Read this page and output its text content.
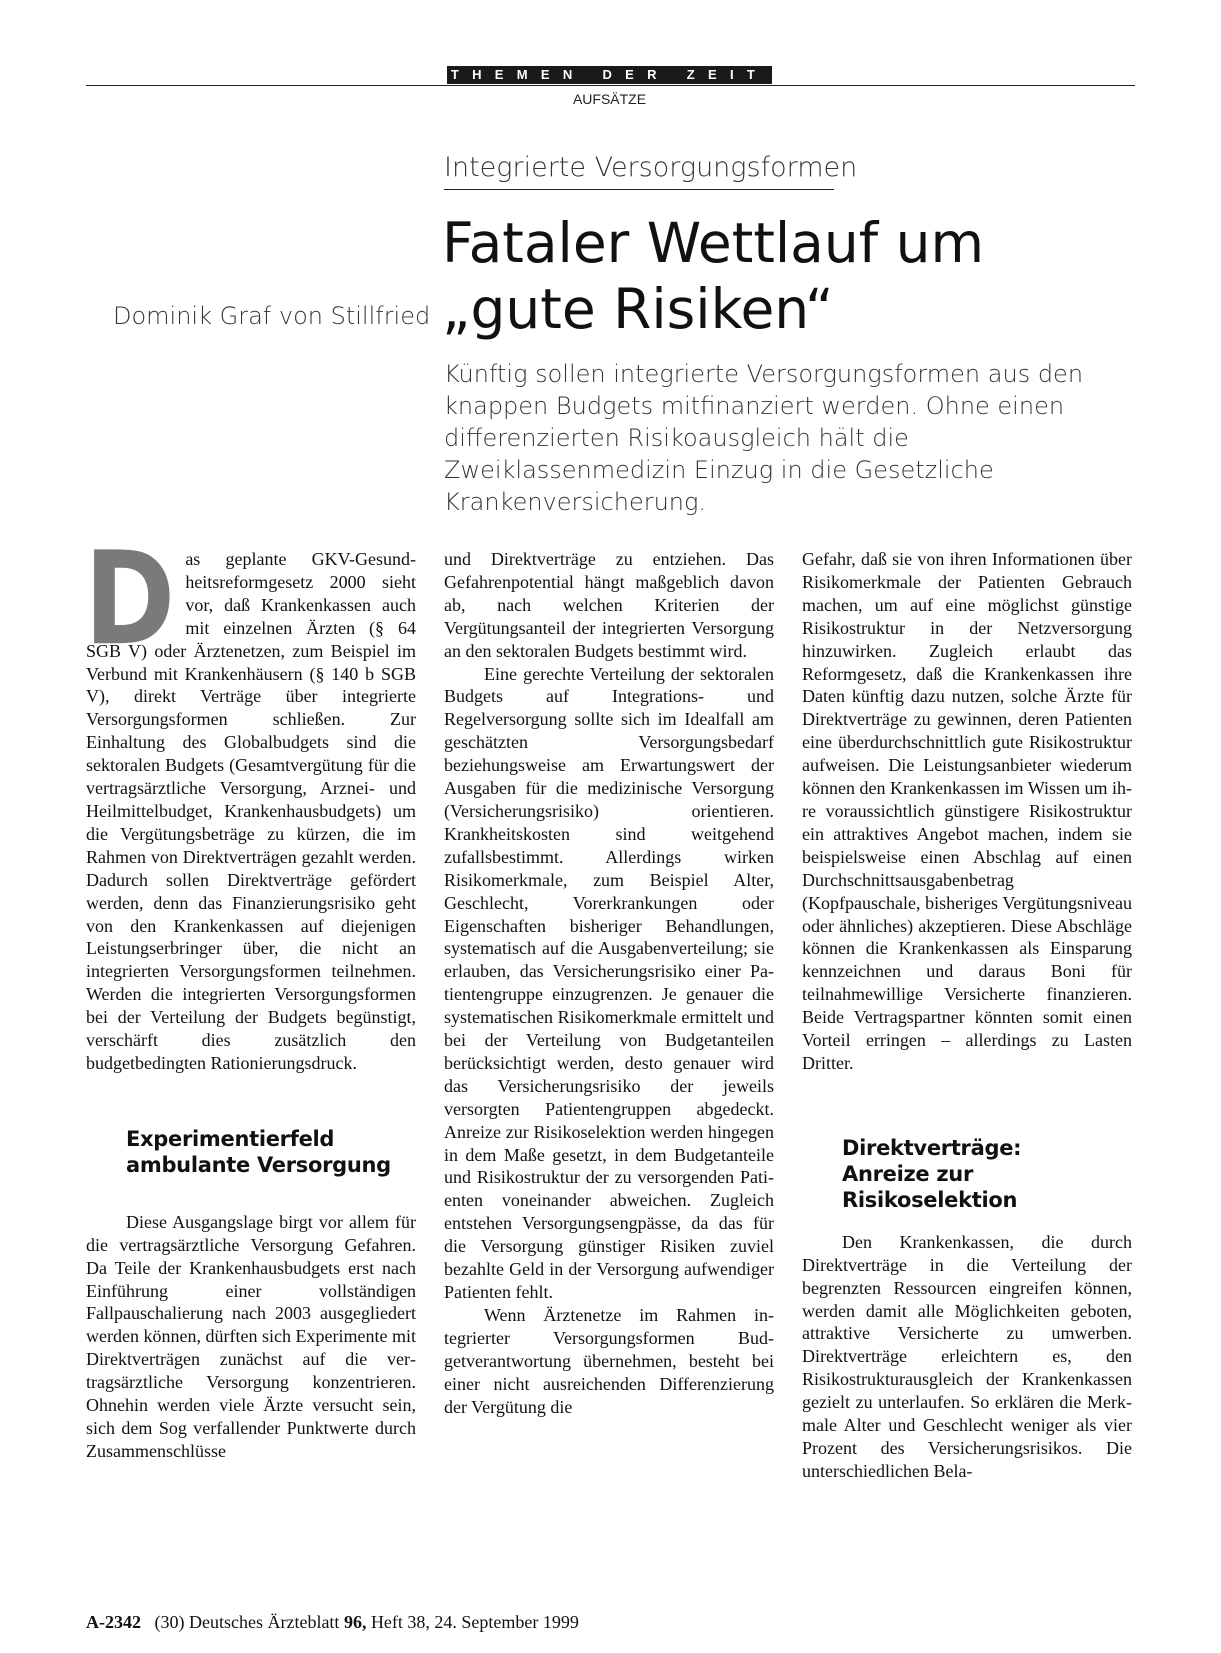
THEMEN DER ZEIT
AUFSÄTZE
Integrierte Versorgungsformen
Dominik Graf von Stillfried
Fataler Wettlauf um
„gute Risiken“
Künftig sollen integrierte Versorgungsformen aus den knappen Budgets mitfinanziert werden. Ohne einen differenzierten Risikoausgleich hält die Zweiklassenmedizin Einzug in die Gesetzliche Krankenversicherung.
D as geplante GKV-Gesundheitsreformgesetz 2000 sieht vor, daß Krankenkassen auch mit einzelnen Ärzten (§ 64 SGB V) oder Ärztenetzen, zum Beispiel im Verbund mit Krankenhäusern (§ 140 b SGB V), direkt Verträge über integrierte Versorgungsformen schließen. Zur Einhaltung des Globalbudgets sind die sektoralen Budgets (Gesamtvergütung für die vertragsärztliche Versorgung, Arznei- und Heilmittelbudget, Krankenhausbudgets) um die Vergütungsbeträge zu kürzen, die im Rahmen von Direktverträgen gezahlt werden. Dadurch sollen Direktverträge gefördert werden, denn das Finanzierungsrisiko geht von den Krankenkassen auf diejenigen Leistungserbringer über, die nicht an integrierten Versorgungsformen teilnehmen. Werden die integrierten Versorgungsformen bei der Verteilung der Budgets begünstigt, verschärft dies zusätzlich den budgetbedingten Rationierungsdruck.

Experimentierfeld
ambulante Versorgung

Diese Ausgangslage birgt vor allem für die vertragsärztliche Versorgung Gefahren. Da Teile der Krankenhausbudgets erst nach Einführung einer vollständigen Fallpauschalierung nach 2003 ausgegliedert werden können, dürften sich Experimente mit Direktverträgen zunächst auf die vertragsärztliche Versorgung konzentrieren. Ohnehin werden viele Ärzte versucht sein, sich dem Sog verfallender Punktwerte durch Zusammenschlüsse

und Direktverträge zu entziehen. Das Gefahrenpotential hängt maßgeblich davon ab, nach welchen Kriterien der Vergütungsanteil der integrierten Versorgung an den sektoralen Budgets bestimmt wird.

Eine gerechte Verteilung der sektoralen Budgets auf Integrations- und Regelversorgung sollte sich im Idealfall am geschätzten Versorgungsbedarf beziehungsweise am Erwartungswert der Ausgaben für die medizinische Versorgung (Versicherungsrisiko) orientieren. Krankheitskosten sind weitgehend zufallsbestimmt. Allerdings wirken Risikomerkmale, zum Beispiel Alter, Geschlecht, Vorerkrankungen oder Eigenschaften bisheriger Behandlungen, systematisch auf die Ausgabenverteilung; sie erlauben, das Versicherungsrisiko einer Patientengruppe einzugrenzen. Je genauer die systematischen Risikomerkmale ermittelt und bei der Verteilung von Budgetanteilen berücksichtigt werden, desto genauer wird das Versicherungsrisiko der jeweils versorgten Patientengruppen abgedeckt. Anreize zur Risikoselektion werden hingegen in dem Maße gesetzt, in dem Budgetanteile und Risikostruktur der zu versorgenden Patienten voneinander abweichen. Zugleich entstehen Versorgungsengpässe, da das für die Versorgung günstiger Risiken zuviel bezahlte Geld in der Versorgung aufwendiger Patienten fehlt.

Wenn Ärztenetze im Rahmen integrierter Versorgungsformen Budgetverantwortung übernehmen, besteht bei einer nicht ausreichenden Differenzierung der Vergütung die

Gefahr, daß sie von ihren Informationen über Risikomerkmale der Patienten Gebrauch machen, um auf eine möglichst günstige Risikostruktur in der Netzversorgung hinzuwirken. Zugleich erlaubt das Reformgesetz, daß die Krankenkassen ihre Daten künftig dazu nutzen, solche Ärzte für Direktverträge zu gewinnen, deren Patienten eine überdurchschnittlich gute Risikostruktur aufweisen. Die Leistungsanbieter wiederum können den Krankenkassen im Wissen um ihre voraussichtlich günstigere Risikostruktur ein attraktives Angebot machen, indem sie beispielsweise einen Abschlag auf einen Durchschnittsausgabenbetrag (Kopfpauschale, bisheriges Vergütungsniveau oder ähnliches) akzeptieren. Diese Abschläge können die Krankenkassen als Einsparung kennzeichnen und daraus Boni für teilnahmewillige Versicherte finanzieren. Beide Vertragspartner könnten somit einen Vorteil erringen – allerdings zu Lasten Dritter.

Direktverträge:
Anreize zur Risikoselektion

Den Krankenkassen, die durch Direktverträge in die Verteilung der begrenzten Ressourcen eingreifen können, werden damit alle Möglichkeiten geboten, attraktive Versicherte zu umwerben. Direktverträge erleichtern es, den Risikostrukturausgleich der Krankenkassen gezielt zu unterlaufen. So erklären die Merkmale Alter und Geschlecht weniger als vier Prozent des Versicherungsrisikos. Die unterschiedlichen Bela-

A-2342 (30) Deutsches Ärzteblatt 96, Heft 38, 24. September 1999
